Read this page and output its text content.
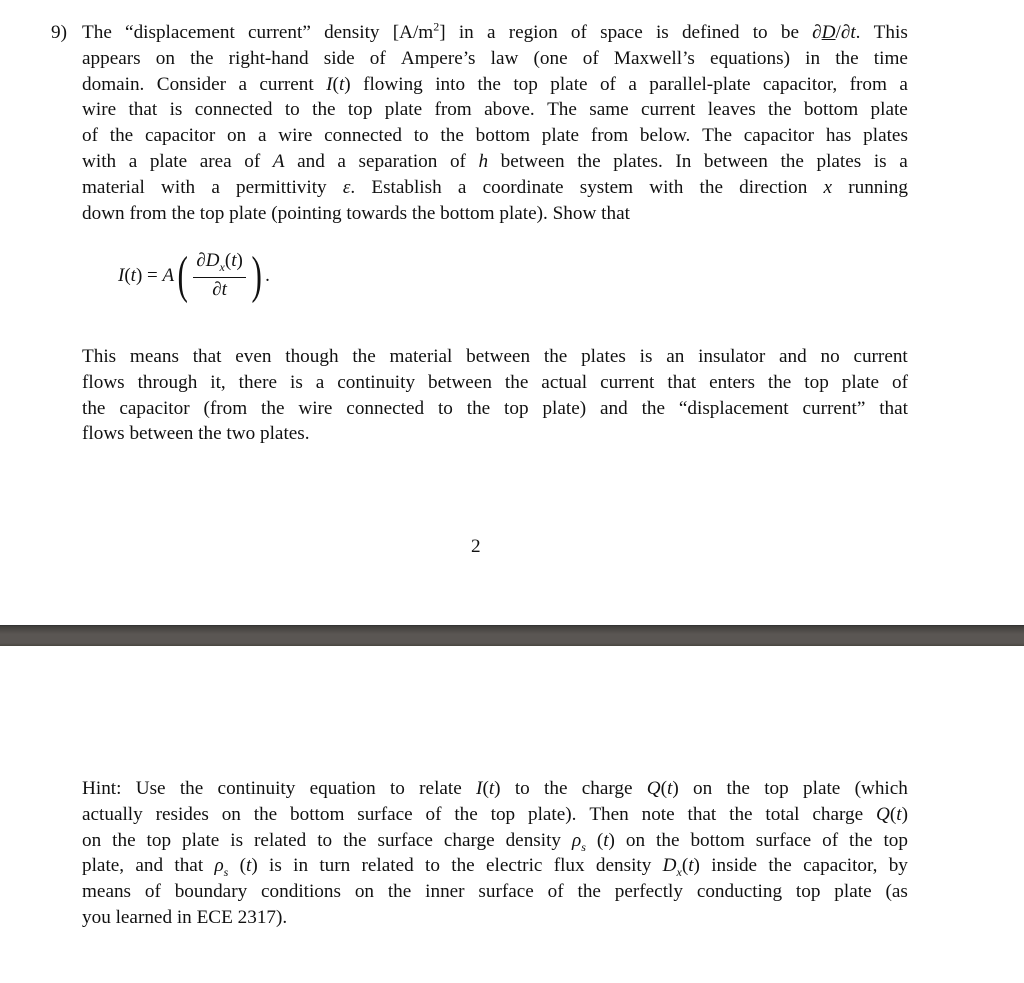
9) The “displacement current” density $[A/m^2]$ in a region of space is defined to be ∂D/∂t. This
appears on the right-hand side of Ampere’s law (one of Maxwell’s equations) in the time
domain. Consider a current I(t) flowing into the top plate of a parallel-plate capacitor, from a
wire that is connected to the top plate from above. The same current leaves the bottom plate
of the capacitor on a wire connected to the bottom plate from below. The capacitor has plates
with a plate area of A and a separation of h between the plates. In between the plates is a
material with a permittivity ε. Establish a coordinate system with the direction x running
down from the top plate (pointing towards the bottom plate). Show that
I ( t ) =
A ( $\frac{\partial D_x(t)}{\partial t}$ ) .
This means that even though the material between the plates is an insulator and no current
flows through it, there is a continuity between the actual current that enters the top plate of
the capacitor (from the wire connected to the top plate) and the “displacement current” that
flows between the two plates.
2
Hint: Use the continuity equation to relate I(t) to the charge Q(t) on the top plate (which
actually resides on the bottom surface of the top plate). Then note that the total charge Q(t)
on the top plate is related to the surface charge density $\rho_s$ (t) on the bottom surface of the top
plate, and that $\rho_s$ (t) is in turn related to the electric flux density $D_x(t)$ inside the capacitor, by
means of boundary conditions on the inner surface of the perfectly conducting top plate (as
you learned in ECE 2317).
